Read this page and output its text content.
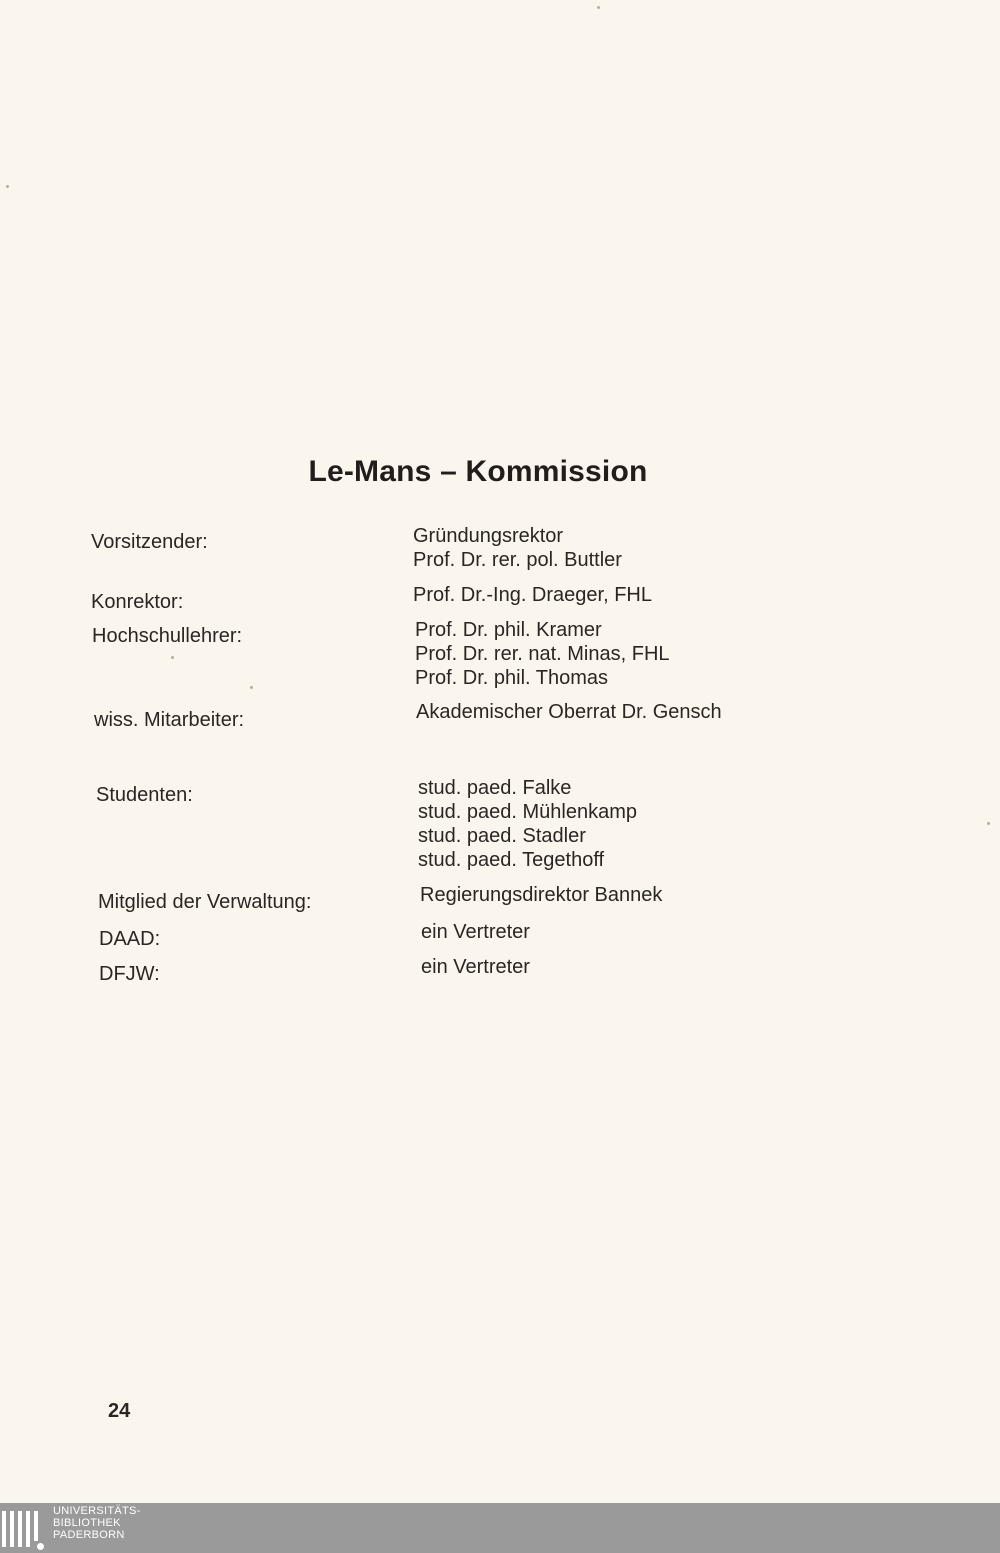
Le-Mans – Kommission
Vorsitzender:	Gründungsrektor
Prof. Dr. rer. pol. Buttler
Konrektor:	Prof. Dr.-Ing. Draeger, FHL
Hochschullehrer:	Prof. Dr. phil. Kramer
Prof. Dr. rer. nat. Minas, FHL
Prof. Dr. phil. Thomas
wiss. Mitarbeiter:	Akademischer Oberrat Dr. Gensch
Studenten:	stud. paed. Falke
stud. paed. Mühlenkamp
stud. paed. Stadler
stud. paed. Tegethoff
Mitglied der Verwaltung:	Regierungsdirektor Bannek
DAAD:	ein Vertreter
DFJW:	ein Vertreter
24
UNIVERSITÄTS-
BIBLIOTHEK
PADERBORN
